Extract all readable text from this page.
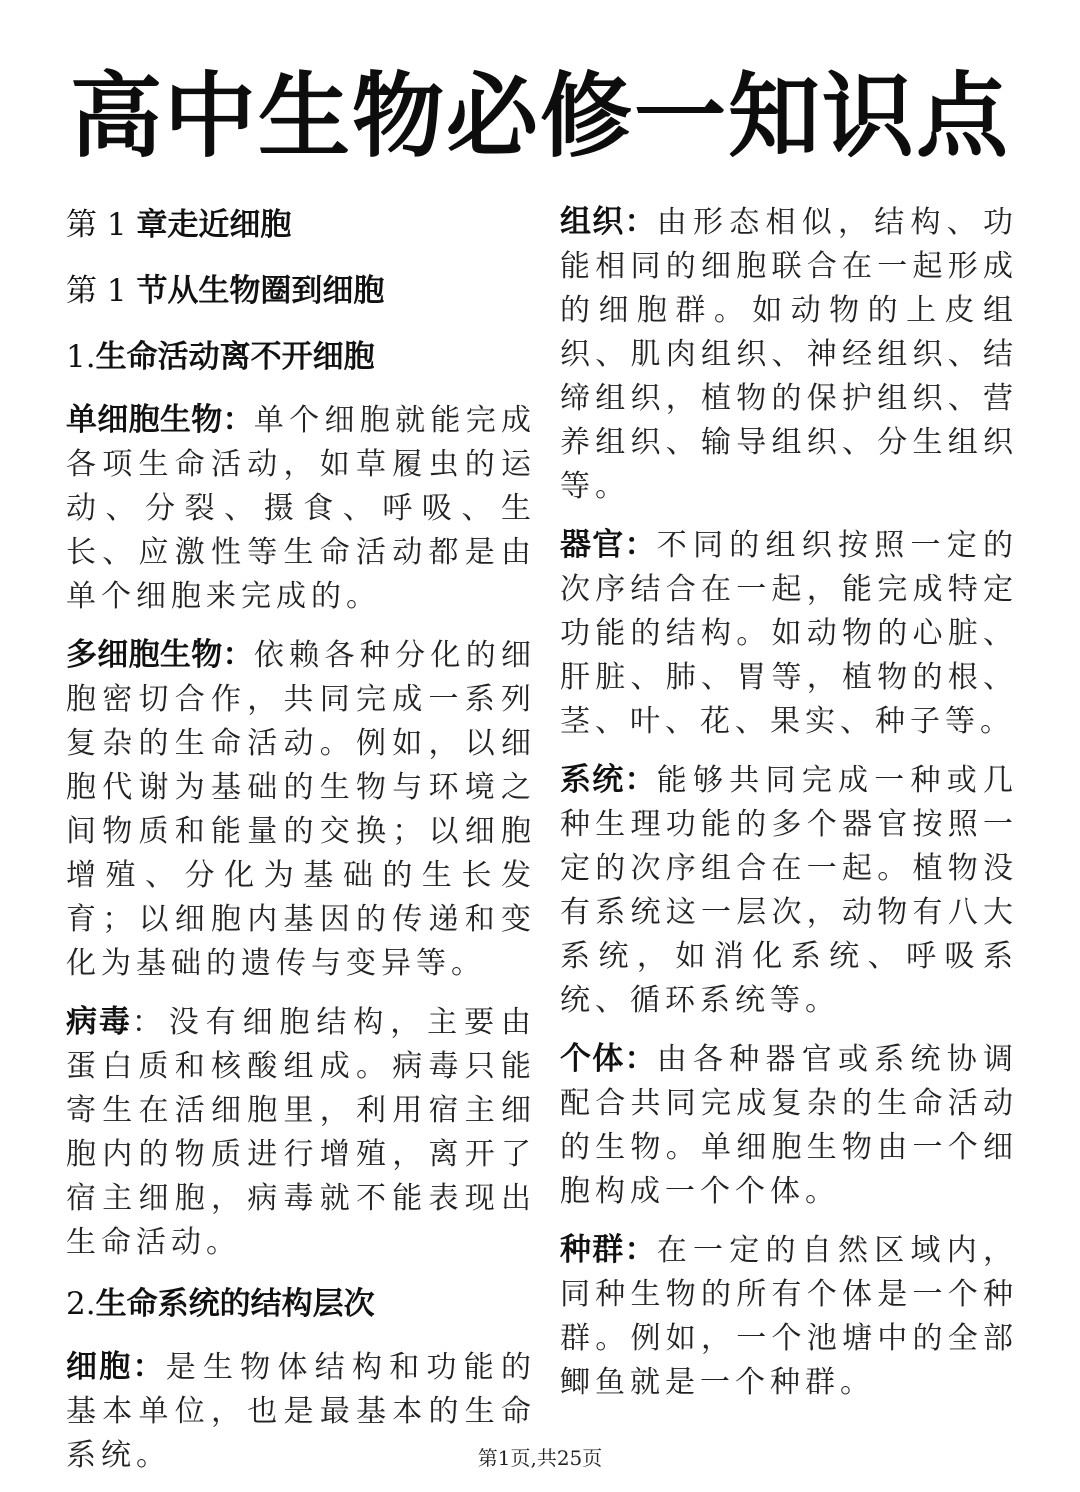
高中生物必修一知识点

第 1 章走近细胞

第 1 节从生物圈到细胞

1.生命活动离不开细胞

单细胞生物：单个细胞就能完成各项生命活动，如草履虫的运动、分裂、摄食、呼吸、生长、应激性等生命活动都是由单个细胞来完成的。

多细胞生物：依赖各种分化的细胞密切合作，共同完成一系列复杂的生命活动。例如，以细胞代谢为基础的生物与环境之间物质和能量的交换；以细胞增殖、分化为基础的生长发育；以细胞内基因的传递和变化为基础的遗传与变异等。

病毒：没有细胞结构，主要由蛋白质和核酸组成。病毒只能寄生在活细胞里，利用宿主细胞内的物质进行增殖，离开了宿主细胞，病毒就不能表现出生命活动。

2.生命系统的结构层次

细胞：是生物体结构和功能的基本单位，也是最基本的生命系统。

组织：由形态相似，结构、功能相同的细胞联合在一起形成的细胞群。如动物的上皮组织、肌肉组织、神经组织、结缔组织，植物的保护组织、营养组织、输导组织、分生组织等。

器官：不同的组织按照一定的次序结合在一起，能完成特定功能的结构。如动物的心脏、肝脏、肺、胃等，植物的根、茎、叶、花、果实、种子等。

系统：能够共同完成一种或几种生理功能的多个器官按照一定的次序组合在一起。植物没有系统这一层次，动物有八大系统，如消化系统、呼吸系统、循环系统等。

个体：由各种器官或系统协调配合共同完成复杂的生命活动的生物。单细胞生物由一个细胞构成一个个体。

种群：在一定的自然区域内，同种生物的所有个体是一个种群。例如，一个池塘中的全部鲫鱼就是一个种群。

第1页,共25页
